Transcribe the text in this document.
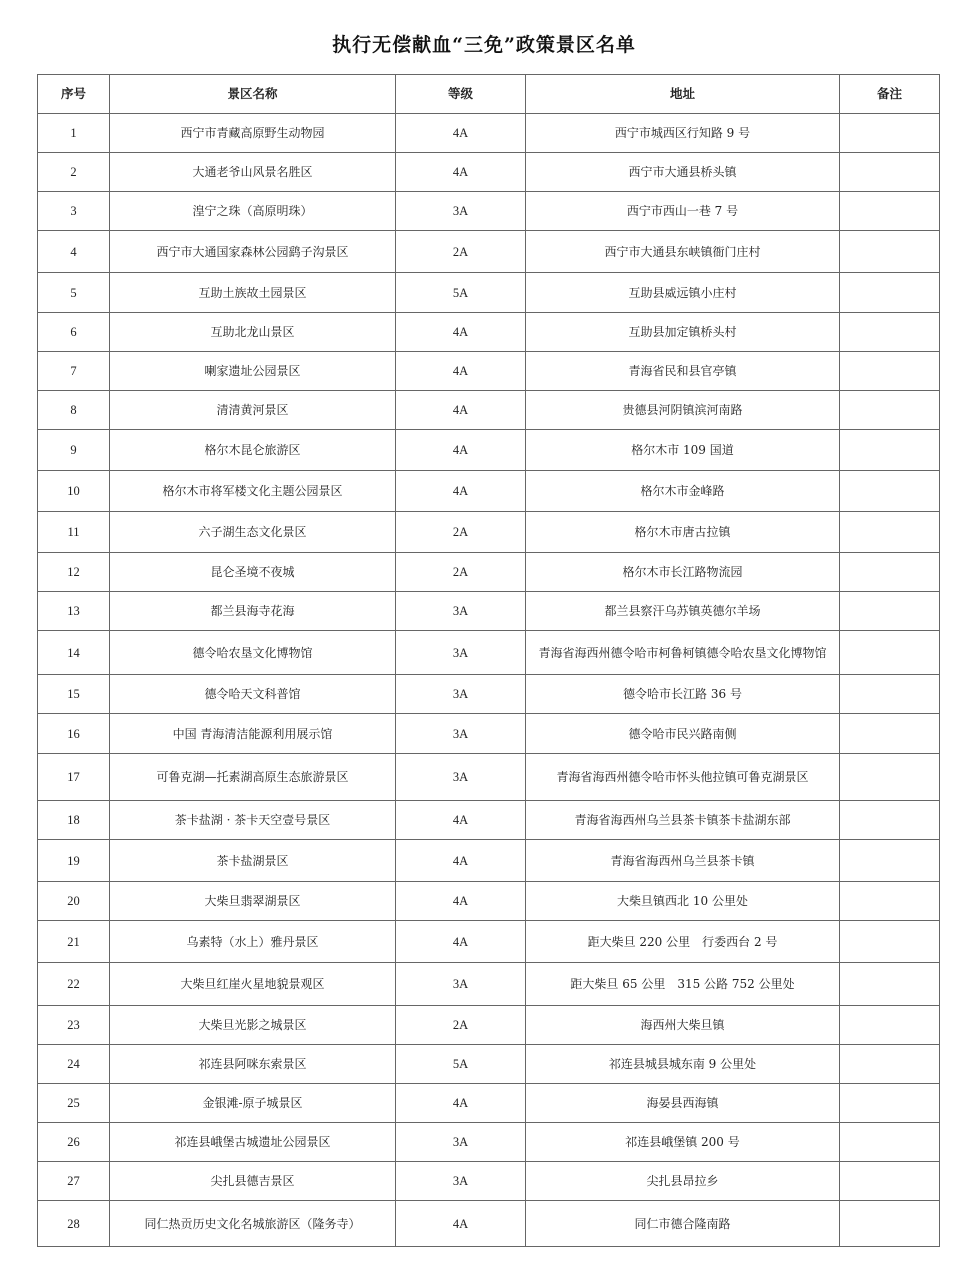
执行无偿献血“三免”政策景区名单
序号	景区名称	等级	地址	备注
1	西宁市青藏高原野生动物园	4A	西宁市城西区行知路 9 号	
2	大通老爷山风景名胜区	4A	西宁市大通县桥头镇	
3	湟宁之珠（高原明珠）	3A	西宁市西山一巷 7 号	
4	西宁市大通国家森林公园鹞子沟景区	2A	西宁市大通县东峡镇衙门庄村	
5	互助土族故土园景区	5A	互助县威远镇小庄村	
6	互助北龙山景区	4A	互助县加定镇桥头村	
7	喇家遗址公园景区	4A	青海省民和县官亭镇	
8	清清黄河景区	4A	贵德县河阴镇滨河南路	
9	格尔木昆仑旅游区	4A	格尔木市 109 国道	
10	格尔木市将军楼文化主题公园景区	4A	格尔木市金峰路	
11	六子湖生态文化景区	2A	格尔木市唐古拉镇	
12	昆仑圣境不夜城	2A	格尔木市长江路物流园	
13	都兰县海寺花海	3A	都兰县察汗乌苏镇英德尔羊场	
14	德令哈农垦文化博物馆	3A	青海省海西州德令哈市柯鲁柯镇德令哈农垦文化博物馆	
15	德令哈天文科普馆	3A	德令哈市长江路 36 号	
16	中国 青海清洁能源利用展示馆	3A	德令哈市民兴路南侧	
17	可鲁克湖—托素湖高原生态旅游景区	3A	青海省海西州德令哈市怀头他拉镇可鲁克湖景区	
18	茶卡盐湖 · 茶卡天空壹号景区	4A	青海省海西州乌兰县茶卡镇茶卡盐湖东部	
19	茶卡盐湖景区	4A	青海省海西州乌兰县茶卡镇	
20	大柴旦翡翠湖景区	4A	大柴旦镇西北 10 公里处	
21	乌素特（水上）雅丹景区	4A	距大柴旦 220 公里　行委西台 2 号	
22	大柴旦红崖火星地貌景观区	3A	距大柴旦 65 公里　315 公路 752 公里处	
23	大柴旦光影之城景区	2A	海西州大柴旦镇	
24	祁连县阿咪东索景区	5A	祁连县城县城东南 9 公里处	
25	金银滩-原子城景区	4A	海晏县西海镇	
26	祁连县峨堡古城遗址公园景区	3A	祁连县峨堡镇 200 号	
27	尖扎县德吉景区	3A	尖扎县昂拉乡	
28	同仁热贡历史文化名城旅游区（隆务寺）	4A	同仁市德合隆南路	
